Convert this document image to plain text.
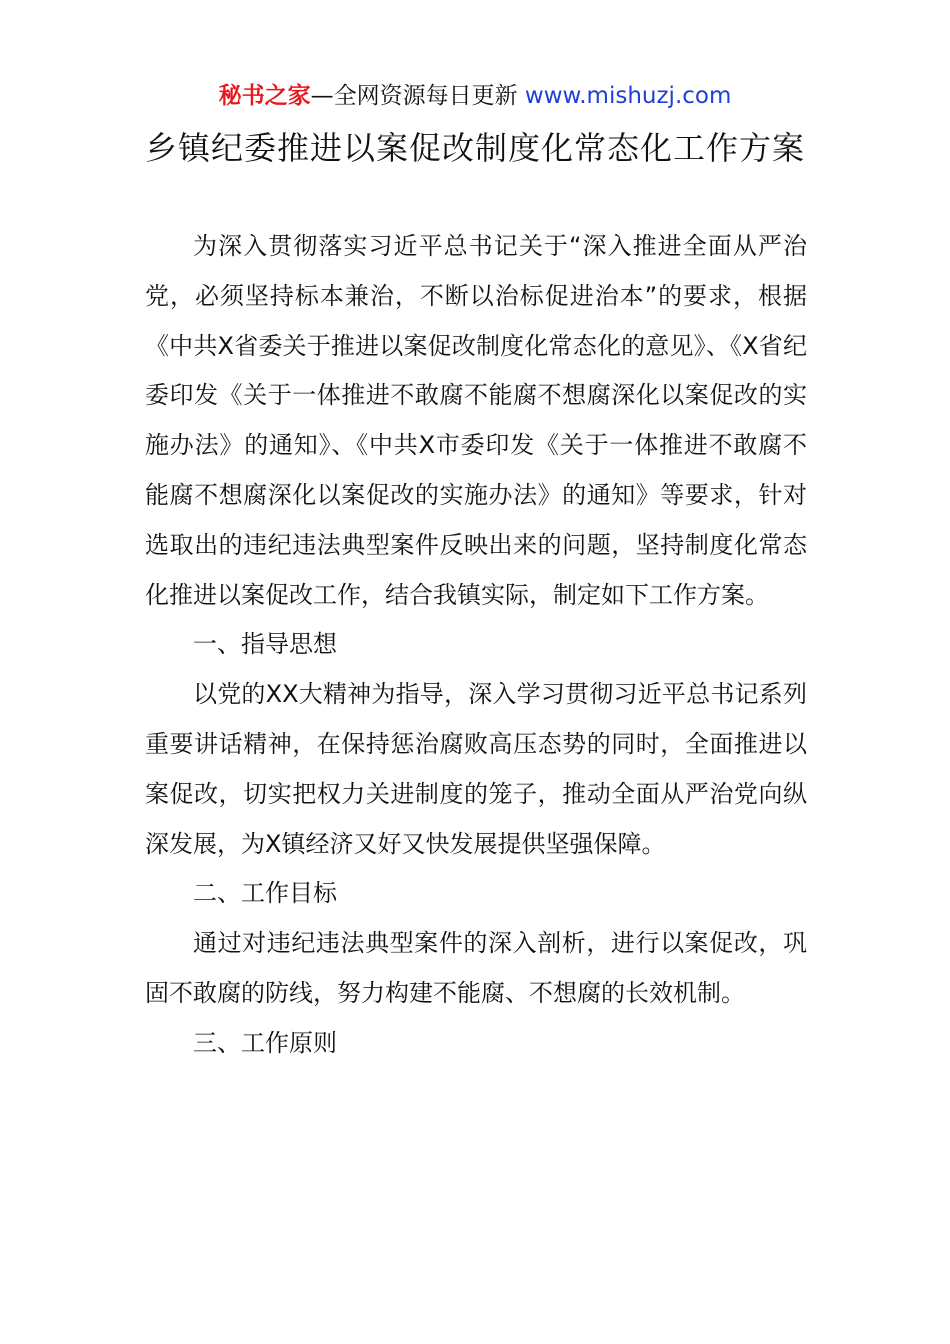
秘书之家—全网资源每日更新 www.mishuzj.com
乡镇纪委推进以案促改制度化常态化工作方案

为深入贯彻落实习近平总书记关于“深入推进全面从严治党，必须坚持标本兼治，不断以治标促进治本”的要求，根据《中共X省委关于推进以案促改制度化常态化的意见》、《X省纪委印发《关于一体推进不敢腐不能腐不想腐深化以案促改的实施办法》的通知》、《中共X市委印发《关于一体推进不敢腐不能腐不想腐深化以案促改的实施办法》的通知》等要求，针对选取出的违纪违法典型案件反映出来的问题，坚持制度化常态化推进以案促改工作，结合我镇实际，制定如下工作方案。

一、指导思想

以党的XX大精神为指导，深入学习贯彻习近平总书记系列重要讲话精神，在保持惩治腐败高压态势的同时，全面推进以案促改，切实把权力关进制度的笼子，推动全面从严治党向纵深发展，为X镇经济又好又快发展提供坚强保障。

二、工作目标

通过对违纪违法典型案件的深入剖析，进行以案促改，巩固不敢腐的防线，努力构建不能腐、不想腐的长效机制。

三、工作原则
